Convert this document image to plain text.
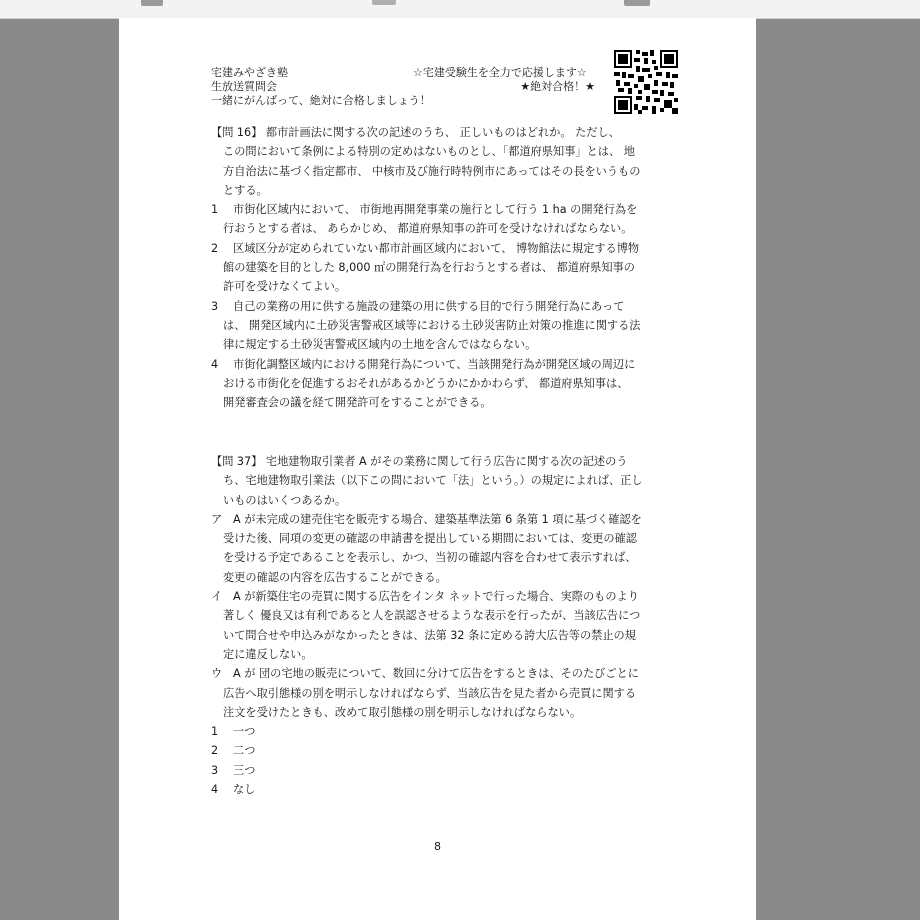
宅建みやざき塾
生放送質問会
一緒にがんばって、絶対に合格しましょう！
☆宅建受験生を全力で応援します☆
★絶対合格！★
【問 16】 都市計画法に関する次の記述のうち、 正しいものはどれか。 ただし、
この問において条例による特別の定めはないものとし、「都道府県知事」とは、 地
方自治法に基づく指定都市、 中核市及び施行時特例市にあってはその長をいうもの
とする。
1	市街化区域内において、 市街地再開発事業の施行として行う 1 ha の開発行為を
行おうとする者は、 あらかじめ、 都道府県知事の許可を受けなければならない。
2	区域区分が定められていない都市計画区域内において、 博物館法に規定する博物
館の建築を目的とした 8,000 ㎡の開発行為を行おうとする者は、 都道府県知事の
許可を受けなくてよい。
3	自己の業務の用に供する施設の建築の用に供する目的で行う開発行為にあって
は、 開発区域内に土砂災害警戒区域等における土砂災害防止対策の推進に関する法
律に規定する土砂災害警戒区域内の土地を含んではならない。
4	市街化調整区域内における開発行為について、当該開発行為が開発区域の周辺に
おける市街化を促進するおそれがあるかどうかにかかわらず、 都道府県知事は、
開発審査会の議を経て開発許可をすることができる。
【問 37】 宅地建物取引業者 A がその業務に関して行う広告に関する次の記述のう
ち、宅地建物取引業法（以下この問において「法」という。）の規定によれば、正し
いものはいくつあるか。
ア A が未完成の建売住宅を販売する場合、建築基準法第 6 条第 1 項に基づく確認を
受けた後、同項の変更の確認の申請書を提出している期間においては、変更の確認
を受ける予定であることを表示し、かつ、当初の確認内容を合わせて表示すれば、
変更の確認の内容を広告することができる。
イ A が新築住宅の売買に関する広告をインタ ネットで行った場合、実際のものより
著しく 優良又は有利であると人を誤認させるような表示を行ったが、当該広告につ
いて問合せや申込みがなかったときは、法第 32 条に定める誇大広告等の禁止の規
定に違反しない。
ウ A が 団の宅地の販売について、数回に分けて広告をするときは、そのたびごとに
広告へ取引態様の別を明示しなければならず、当該広告を見た者から売買に関する
注文を受けたときも、改めて取引態様の別を明示しなければならない。
1	一つ
2	二つ
3	三つ
4	なし
8
